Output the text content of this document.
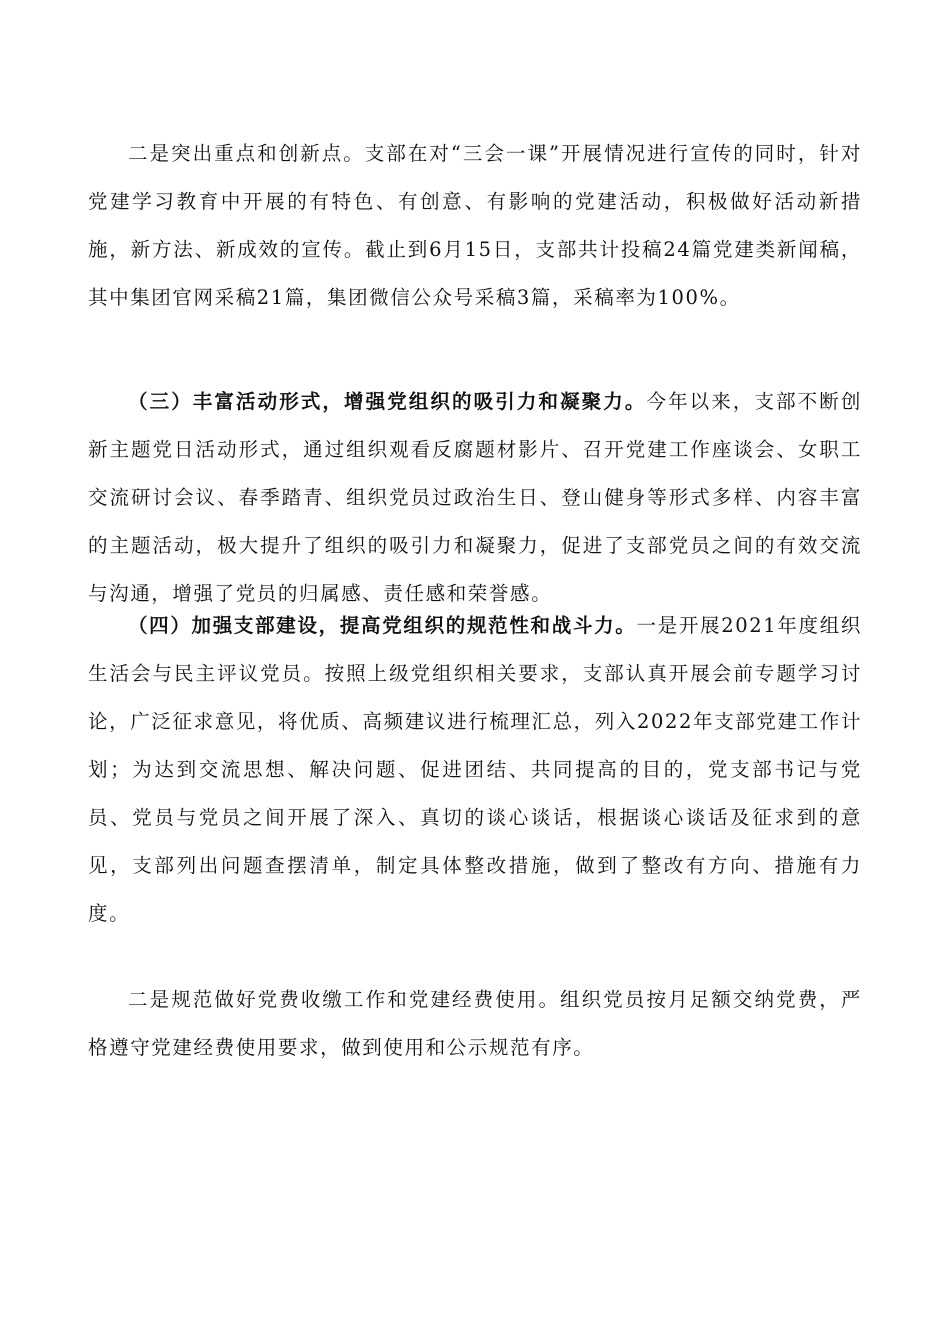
二是突出重点和创新点。支部在对“三会一课”开展情况进行宣传的同时，针对党建学习教育中开展的有特色、有创意、有影响的党建活动，积极做好活动新措施，新方法、新成效的宣传。截止到6月15日，支部共计投稿24篇党建类新闻稿，其中集团官网采稿21篇，集团微信公众号采稿3篇，采稿率为100%。

（三）丰富活动形式，增强党组织的吸引力和凝聚力。今年以来，支部不断创新主题党日活动形式，通过组织观看反腐题材影片、召开党建工作座谈会、女职工交流研讨会议、春季踏青、组织党员过政治生日、登山健身等形式多样、内容丰富的主题活动，极大提升了组织的吸引力和凝聚力，促进了支部党员之间的有效交流与沟通，增强了党员的归属感、责任感和荣誉感。

（四）加强支部建设，提高党组织的规范性和战斗力。一是开展2021年度组织生活会与民主评议党员。按照上级党组织相关要求，支部认真开展会前专题学习讨论，广泛征求意见，将优质、高频建议进行梳理汇总，列入2022年支部党建工作计划；为达到交流思想、解决问题、促进团结、共同提高的目的，党支部书记与党员、党员与党员之间开展了深入、真切的谈心谈话，根据谈心谈话及征求到的意见，支部列出问题查摆清单，制定具体整改措施，做到了整改有方向、措施有力度。

二是规范做好党费收缴工作和党建经费使用。组织党员按月足额交纳党费，严格遵守党建经费使用要求，做到使用和公示规范有序。
